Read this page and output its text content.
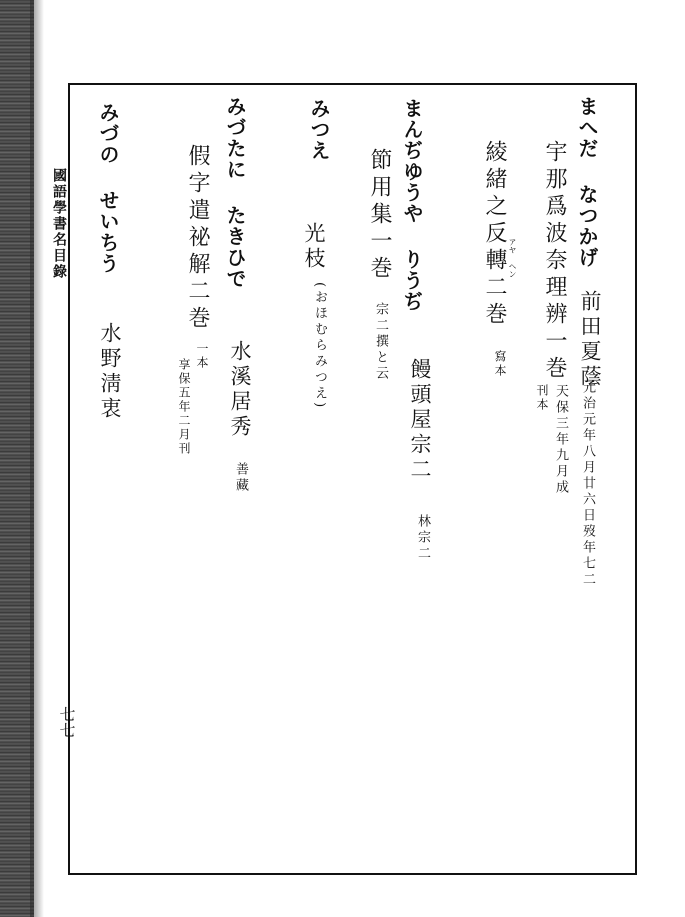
國語學書名目錄
七七
まへだ なつかげ
宇那爲波奈理辨一巻
天保三年九月成
刊本
綾緒之反轉二巻 アヤ
ヘン
寫本	前田夏蔭
元治元年八月廿六日歿年七二
まんぢゆうや りうぢ
節用集一巻
宗二撰と云
饅頭屋宗二
林宗二
みつえ
光枝
(おほむらみつえ)
みづたに たきひで
假字遣祕解二巻
一本
享保五年二月刊 水溪居秀
善藏
みづの せいちう
水野淸衷
